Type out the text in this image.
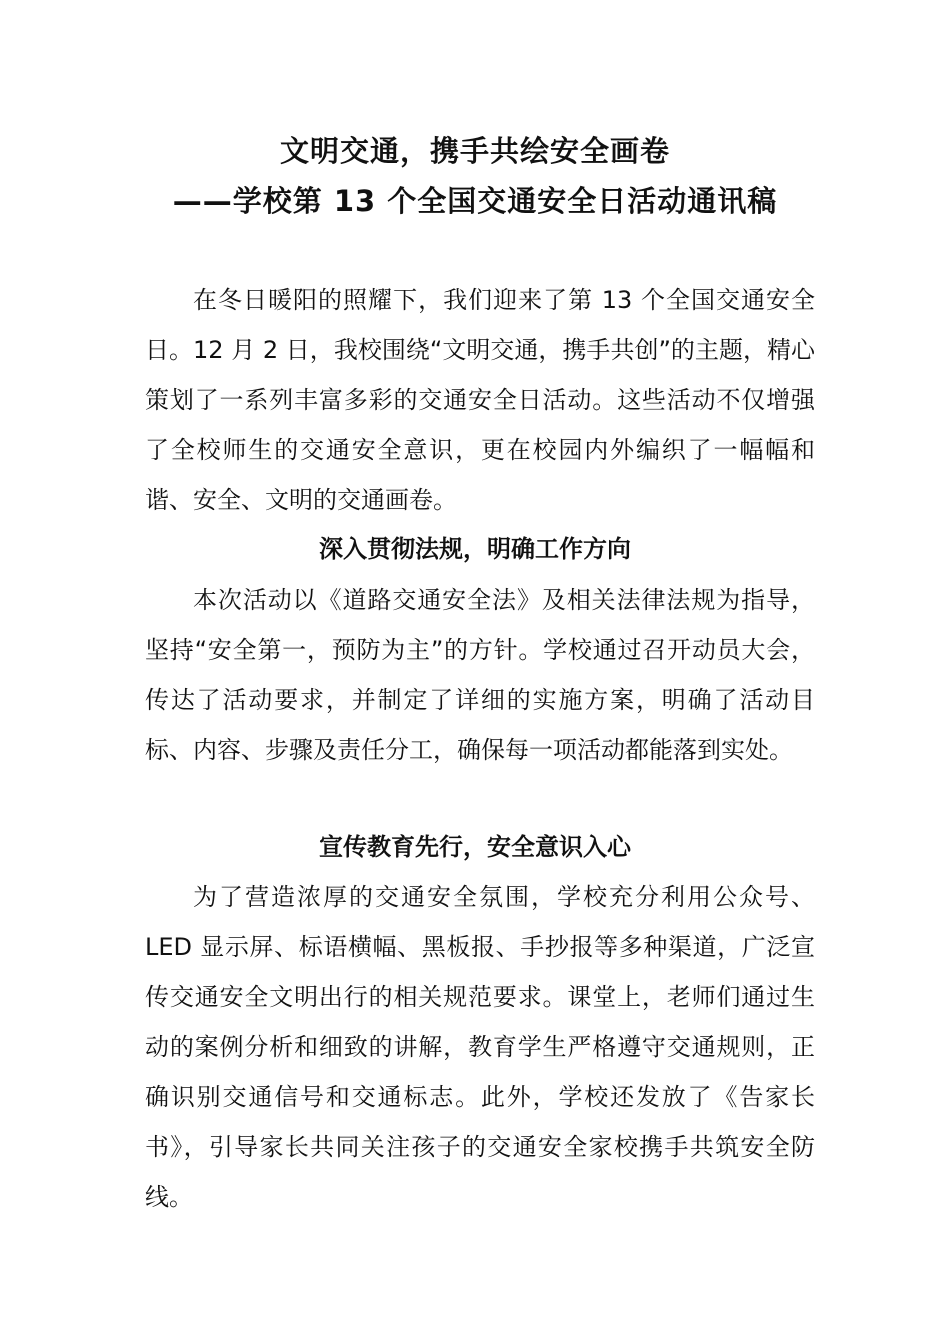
文明交通，携手共绘安全画卷
——学校第 13 个全国交通安全日活动通讯稿

在冬日暖阳的照耀下，我们迎来了第 13 个全国交通安全日。12 月 2 日，我校围绕“文明交通，携手共创”的主题，精心策划了一系列丰富多彩的交通安全日活动。这些活动不仅增强了全校师生的交通安全意识，更在校园内外编织了一幅幅和谐、安全、文明的交通画卷。

深入贯彻法规，明确工作方向

本次活动以《道路交通安全法》及相关法律法规为指导，坚持“安全第一，预防为主”的方针。学校通过召开动员大会，传达了活动要求，并制定了详细的实施方案，明确了活动目标、内容、步骤及责任分工，确保每一项活动都能落到实处。

宣传教育先行，安全意识入心

为了营造浓厚的交通安全氛围，学校充分利用公众号、LED 显示屏、标语横幅、黑板报、手抄报等多种渠道，广泛宣传交通安全文明出行的相关规范要求。课堂上，老师们通过生动的案例分析和细致的讲解，教育学生严格遵守交通规则，正确识别交通信号和交通标志。此外，学校还发放了《告家长书》，引导家长共同关注孩子的交通安全家校携手共筑安全防线。
